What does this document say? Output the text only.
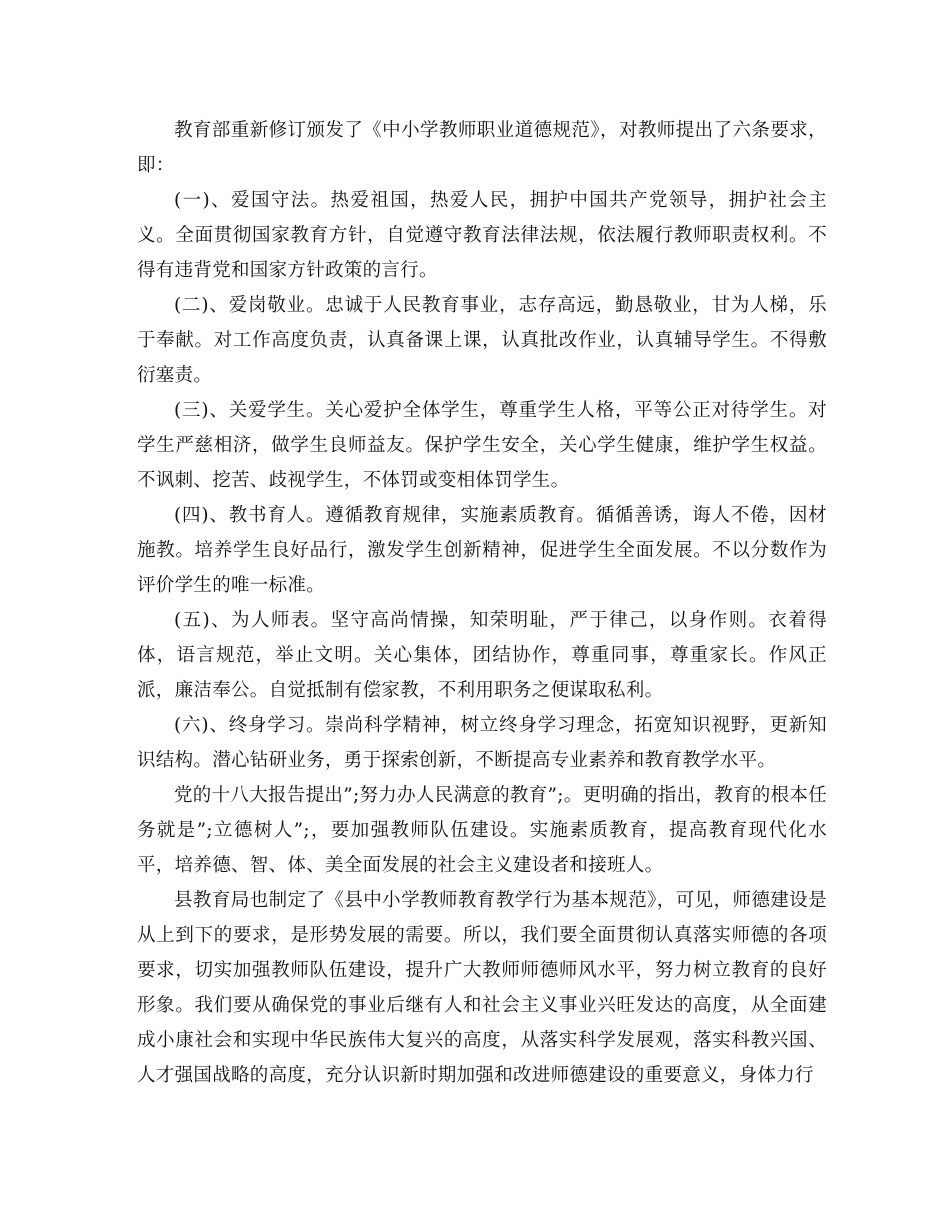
教育部重新修订颁发了《中小学教师职业道德规范》，对教师提出了六条要求，即：

(一)、爱国守法。热爱祖国，热爱人民，拥护中国共产党领导，拥护社会主义。全面贯彻国家教育方针，自觉遵守教育法律法规，依法履行教师职责权利。不得有违背党和国家方针政策的言行。

(二)、爱岗敬业。忠诚于人民教育事业，志存高远，勤恳敬业，甘为人梯，乐于奉献。对工作高度负责，认真备课上课，认真批改作业，认真辅导学生。不得敷衍塞责。

(三)、关爱学生。关心爱护全体学生，尊重学生人格，平等公正对待学生。对学生严慈相济，做学生良师益友。保护学生安全，关心学生健康，维护学生权益。不讽刺、挖苦、歧视学生，不体罚或变相体罚学生。

(四)、教书育人。遵循教育规律，实施素质教育。循循善诱，诲人不倦，因材施教。培养学生良好品行，激发学生创新精神，促进学生全面发展。不以分数作为评价学生的唯一标准。

(五)、为人师表。坚守高尚情操，知荣明耻，严于律己，以身作则。衣着得体，语言规范，举止文明。关心集体，团结协作，尊重同事，尊重家长。作风正派，廉洁奉公。自觉抵制有偿家教，不利用职务之便谋取私利。

(六)、终身学习。崇尚科学精神，树立终身学习理念，拓宽知识视野，更新知识结构。潜心钻研业务，勇于探索创新，不断提高专业素养和教育教学水平。

党的十八大报告提出”;努力办人民满意的教育”;。更明确的指出，教育的根本任务就是”;立德树人”;，要加强教师队伍建设。实施素质教育，提高教育现代化水平，培养德、智、体、美全面发展的社会主义建设者和接班人。

县教育局也制定了《县中小学教师教育教学行为基本规范》，可见，师德建设是从上到下的要求，是形势发展的需要。所以，我们要全面贯彻认真落实师德的各项要求，切实加强教师队伍建设，提升广大教师师德师风水平，努力树立教育的良好形象。我们要从确保党的事业后继有人和社会主义事业兴旺发达的高度，从全面建成小康社会和实现中华民族伟大复兴的高度，从落实科学发展观，落实科教兴国、人才强国战略的高度，充分认识新时期加强和改进师德建设的重要意义，身体力行
